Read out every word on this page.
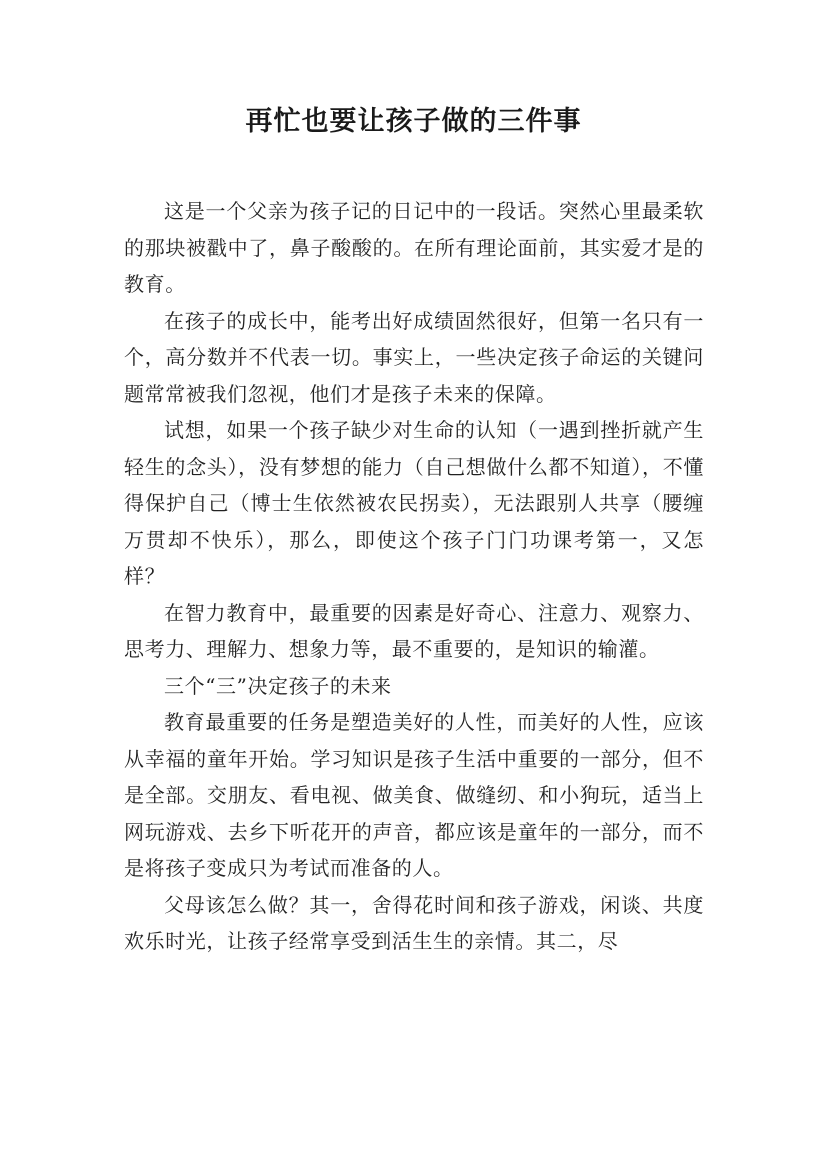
再忙也要让孩子做的三件事

这是一个父亲为孩子记的日记中的一段话。突然心里最柔软的那块被戳中了，鼻子酸酸的。在所有理论面前，其实爱才是的教育。

在孩子的成长中，能考出好成绩固然很好，但第一名只有一个，高分数并不代表一切。事实上，一些决定孩子命运的关键问题常常被我们忽视，他们才是孩子未来的保障。

试想，如果一个孩子缺少对生命的认知（一遇到挫折就产生轻生的念头），没有梦想的能力（自己想做什么都不知道），不懂得保护自己（博士生依然被农民拐卖），无法跟别人共享（腰缠万贯却不快乐），那么，即使这个孩子门门功课考第一，又怎样？

在智力教育中，最重要的因素是好奇心、注意力、观察力、思考力、理解力、想象力等，最不重要的，是知识的输灌。

三个“三”决定孩子的未来

教育最重要的任务是塑造美好的人性，而美好的人性，应该从幸福的童年开始。学习知识是孩子生活中重要的一部分，但不是全部。交朋友、看电视、做美食、做缝纫、和小狗玩，适当上网玩游戏、去乡下听花开的声音，都应该是童年的一部分，而不是将孩子变成只为考试而准备的人。

父母该怎么做？其一，舍得花时间和孩子游戏，闲谈、共度欢乐时光，让孩子经常享受到活生生的亲情。其二，尽
